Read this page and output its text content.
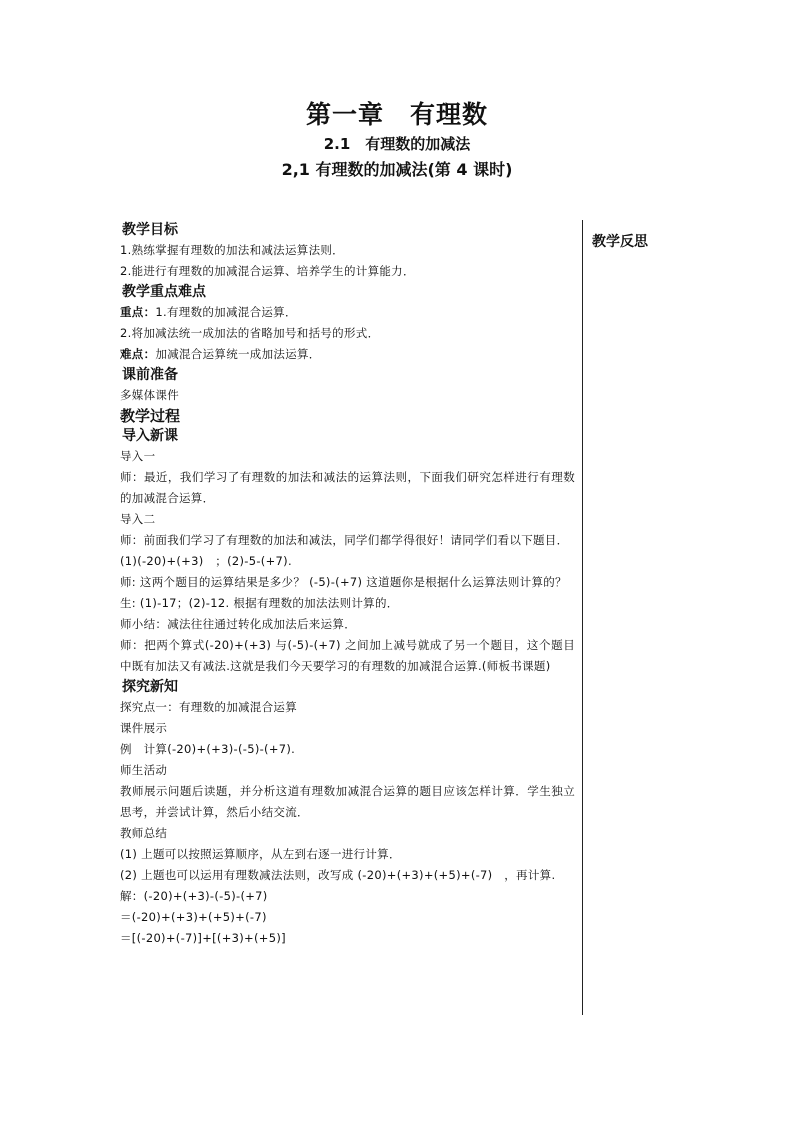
第一章　有理数
2.1　有理数的加减法
2,1 有理数的加减法(第 4 课时)
教学反思
教学目标

1.熟练掌握有理数的加法和减法运算法则．

2.能进行有理数的加减混合运算、培养学生的计算能力．

教学重点难点

重点：1.有理数的加减混合运算．

2.将加减法统一成加法的省略加号和括号的形式．

难点：加减混合运算统一成加法运算．

课前准备

多媒体课件

教学过程
导入新课

导入一

师：最近，我们学习了有理数的加法和减法的运算法则，下面我们研究怎样进行有理数的加减混合运算．

导入二

师：前面我们学习了有理数的加法和减法，同学们都学得很好！请同学们看以下题目．

(1)(-20)+(+3)　；(2)-5-(+7).

师: 这两个题目的运算结果是多少？ (-5)-(+7) 这道题你是根据什么运算法则计算的？

生: (1)-17；(2)-12. 根据有理数的加法法则计算的．

师小结：减法往往通过转化成加法后来运算．

师：把两个算式(-20)+(+3) 与(-5)-(+7) 之间加上减号就成了另一个题目，这个题目中既有加法又有减法.这就是我们今天要学习的有理数的加减混合运算.(师板书课题)

探究新知

探究点一：有理数的加减混合运算

课件展示

例　计算(-20)+(+3)-(-5)-(+7).

师生活动

教师展示问题后读题，并分析这道有理数加减混合运算的题目应该怎样计算．学生独立思考，并尝试计算，然后小结交流．

教师总结

(1) 上题可以按照运算顺序，从左到右逐一进行计算．

(2) 上题也可以运用有理数减法法则，改写成 (-20)+(+3)+(+5)+(-7)　，再计算.

解：(-20)+(+3)-(-5)-(+7)

＝(-20)+(+3)+(+5)+(-7)

＝[(-20)+(-7)]+[(+3)+(+5)]
